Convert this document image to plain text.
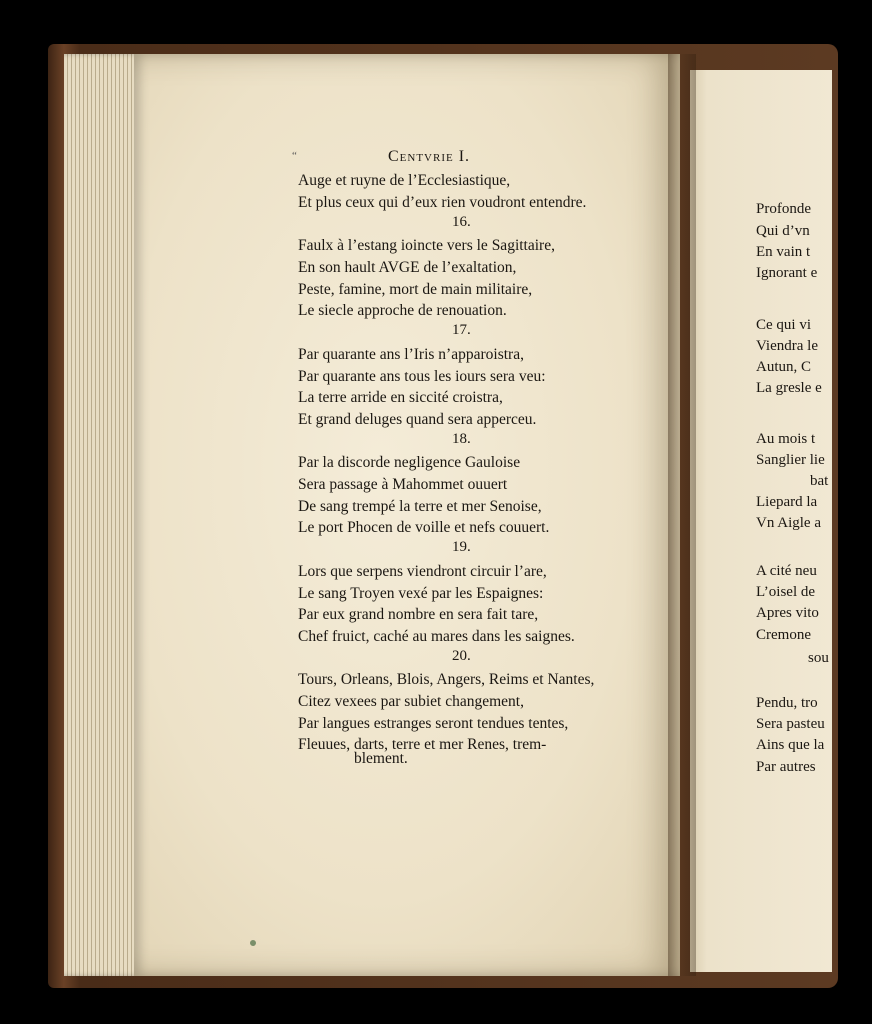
Profonde
Qui d’vn
En vain t
Ignorant e
Ce qui vi
Viendra le
Autun, C
La gresle e
Au mois t
Sanglier lie
bat
Liepard la
Vn Aigle a
A cité neu
L’oisel de
Apres vito
Cremone
sou
Pendu, tro
Sera pasteu
Ains que la
Par autres
“	Centvrie I.
Auge et ruyne de l’Ecclesiastique,
Et plus ceux qui d’eux rien voudront entendre.
16.
Faulx à l’estang ioincte vers le Sagittaire,
En son hault AVGE de l’exaltation,
Peste, famine, mort de main militaire,
Le siecle approche de renouation.
17.
Par quarante ans l’Iris n’apparoistra,
Par quarante ans tous les iours sera veu:
La terre arride en siccité croistra,
Et grand deluges quand sera apperceu.
18.
Par la discorde negligence Gauloise
Sera passage à Mahommet ouuert
De sang trempé la terre et mer Senoise,
Le port Phocen de voille et nefs couuert.
19.
Lors que serpens viendront circuir l’are,
Le sang Troyen vexé par les Espaignes:
Par eux grand nombre en sera fait tare,
Chef fruict, caché au mares dans les saignes.
20.
Tours, Orleans, Blois, Angers, Reims et Nantes,
Citez vexees par subiet changement,
Par langues estranges seront tendues tentes,
Fleuues, darts, terre et mer Renes, trem-
blement.
